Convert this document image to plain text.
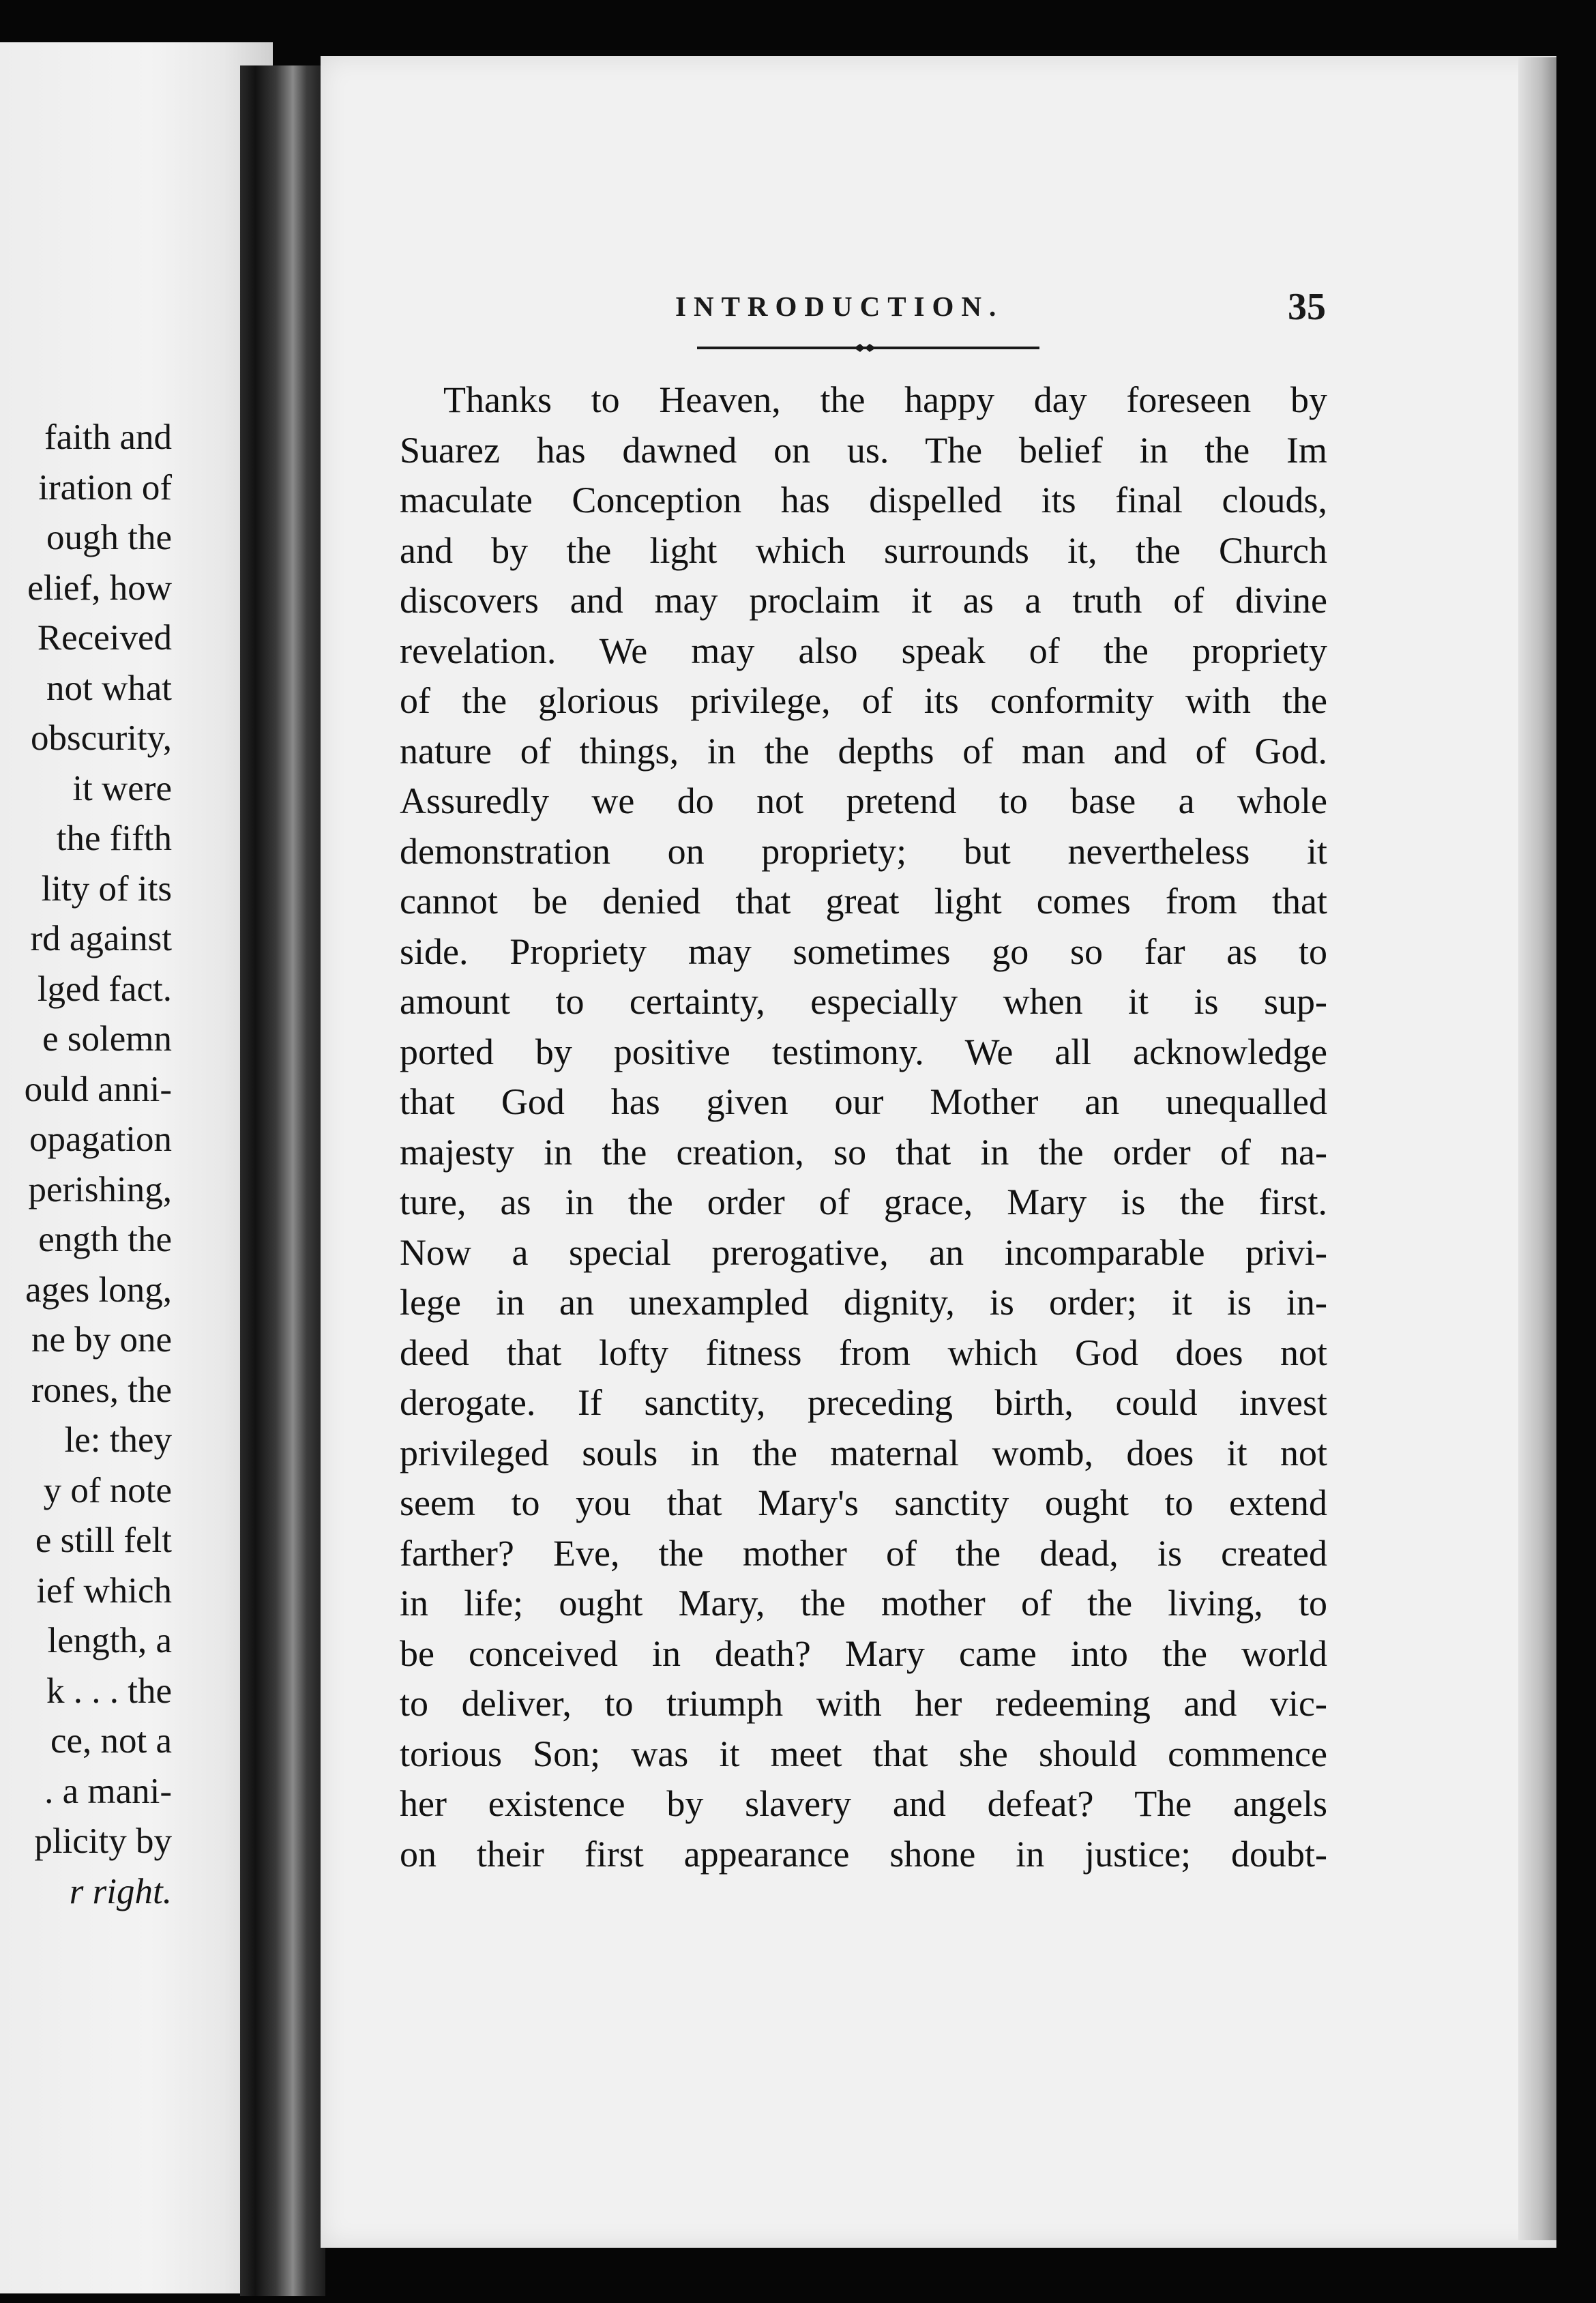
faith and
iration of
ough the
elief, how
Received
not what
obscurity,
it were
the fifth
lity of its
rd against
lged fact.
e solemn
ould anni-
opagation
perishing,
ength the
ages long,
ne by one
rones, the
le: they
y of note
e still felt
ief which
length, a
k . . . the
ce, not a
. a mani-
plicity by
r right.
INTRODUCTION.	35
Thanks to Heaven, the happy day foreseen by
Suarez has dawned on us. The belief in the Im
maculate Conception has dispelled its final clouds,
and by the light which surrounds it, the Church
discovers and may proclaim it as a truth of divine
revelation. We may also speak of the propriety
of the glorious privilege, of its conformity with the
nature of things, in the depths of man and of God.
Assuredly we do not pretend to base a whole
demonstration on propriety; but nevertheless it
cannot be denied that great light comes from that
side. Propriety may sometimes go so far as to
amount to certainty, especially when it is sup-
ported by positive testimony. We all acknowledge
that God has given our Mother an unequalled
majesty in the creation, so that in the order of na-
ture, as in the order of grace, Mary is the first.
Now a special prerogative, an incomparable privi-
lege in an unexampled dignity, is order; it is in-
deed that lofty fitness from which God does not
derogate. If sanctity, preceding birth, could invest
privileged souls in the maternal womb, does it not
seem to you that Mary's sanctity ought to extend
farther? Eve, the mother of the dead, is created
in life; ought Mary, the mother of the living, to
be conceived in death? Mary came into the world
to deliver, to triumph with her redeeming and vic-
torious Son; was it meet that she should commence
her existence by slavery and defeat? The angels
on their first appearance shone in justice; doubt-
